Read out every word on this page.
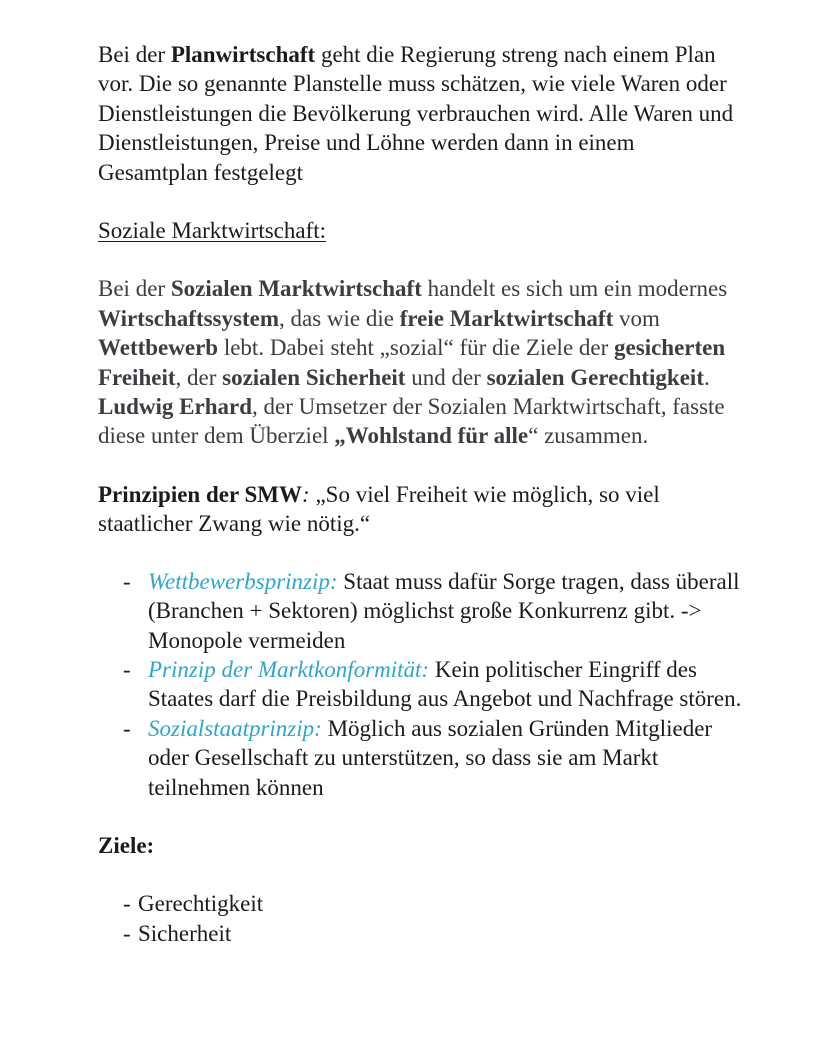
Bei der Planwirtschaft geht die Regierung streng nach einem Plan vor. Die so genannte Planstelle muss schätzen, wie viele Waren oder Dienstleistungen die Bevölkerung verbrauchen wird. Alle Waren und Dienstleistungen, Preise und Löhne werden dann in einem Gesamtplan festgelegt

Soziale Marktwirtschaft:

Bei der Sozialen Marktwirtschaft handelt es sich um ein modernes Wirtschaftssystem, das wie die freie Marktwirtschaft vom Wettbewerb lebt. Dabei steht „sozial“ für die Ziele der gesicherten Freiheit, der sozialen Sicherheit und der sozialen Gerechtigkeit. Ludwig Erhard, der Umsetzer der Sozialen Marktwirtschaft, fasste diese unter dem Überziel „Wohlstand für alle“ zusammen.

Prinzipien der SMW: „So viel Freiheit wie möglich, so viel staatlicher Zwang wie nötig.“

- Wettbewerbsprinzip: Staat muss dafür Sorge tragen, dass überall (Branchen + Sektoren) möglichst große Konkurrenz gibt. -> Monopole vermeiden
- Prinzip der Marktkonformität: Kein politischer Eingriff des Staates darf die Preisbildung aus Angebot und Nachfrage stören.
- Sozialstaatprinzip: Möglich aus sozialen Gründen Mitglieder oder Gesellschaft zu unterstützen, so dass sie am Markt teilnehmen können

Ziele:

- Gerechtigkeit
- Sicherheit
